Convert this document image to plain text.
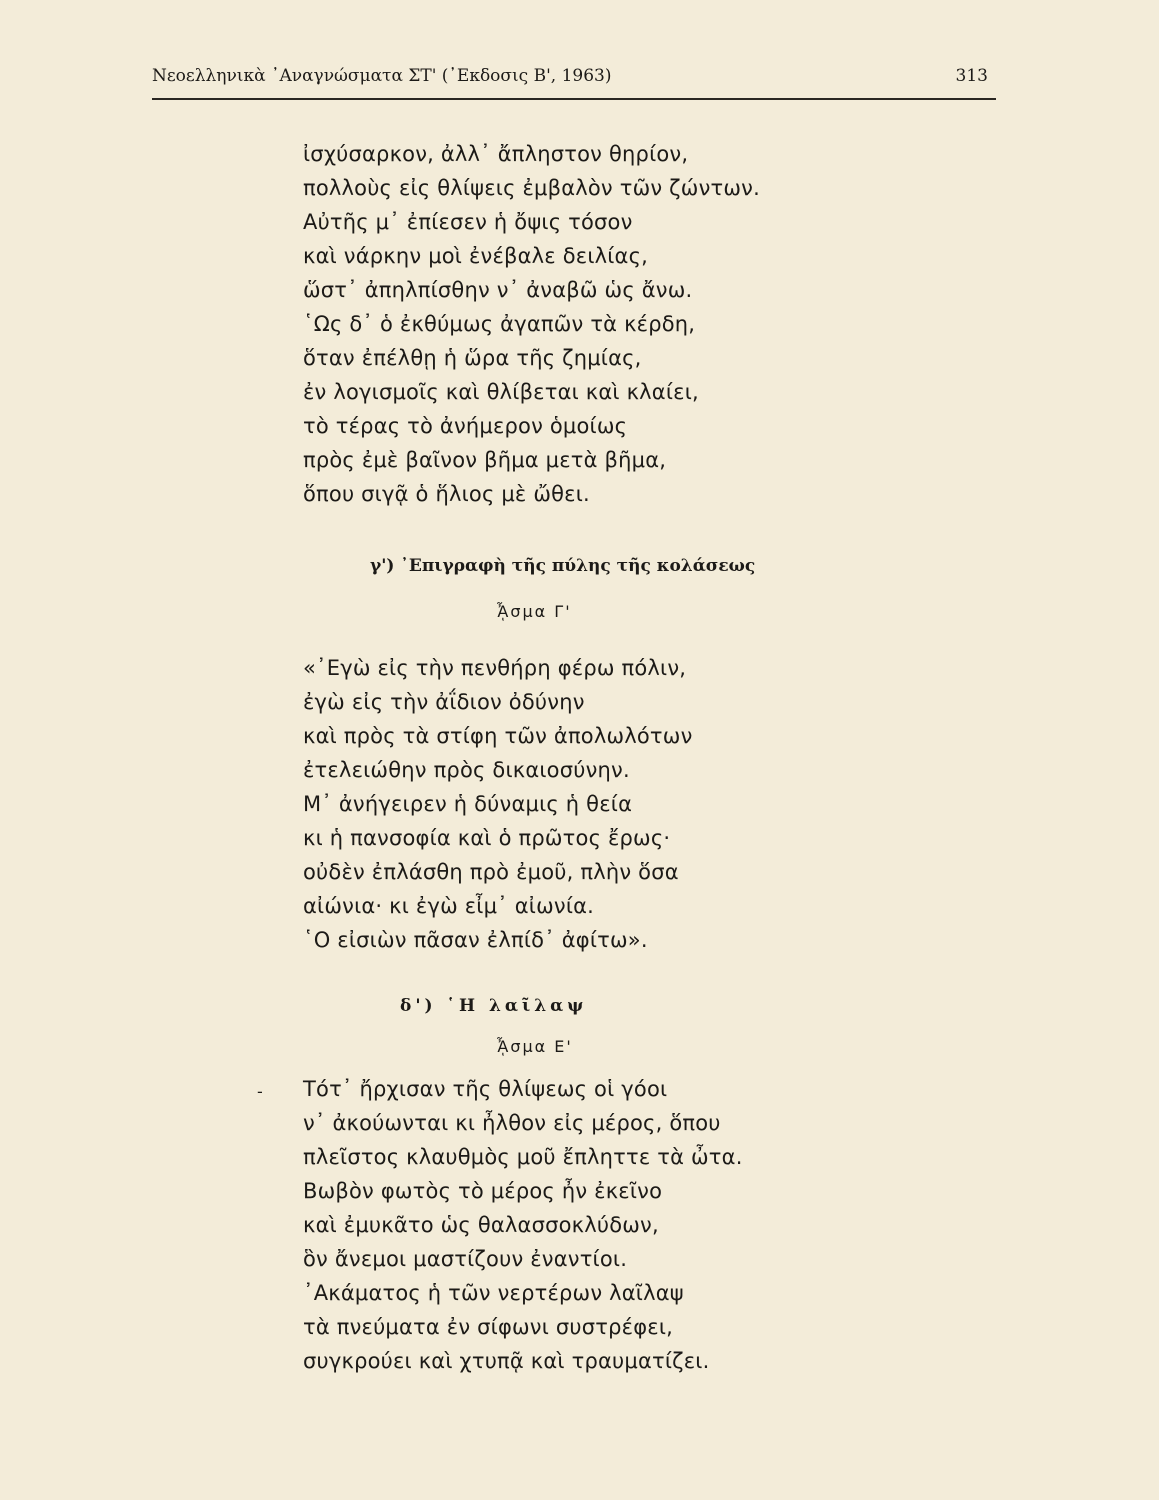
Νεοελληνικὰ ᾿Αναγνώσματα ΣΤ' (᾿Εκδοσις Β', 1963)	313
ἰσχύσαρκον, ἀλλ᾿ ἄπληστον θηρίον,
πολλοὺς εἰς θλίψεις ἐμβαλὸν τῶν ζώντων.
Αὐτῆς μ᾿ ἐπίεσεν ἡ ὄψις τόσον
καὶ νάρκην μοὶ ἐνέβαλε δειλίας,
ὥστ᾿ ἀπηλπίσθην ν᾿ ἀναβῶ ὡς ἄνω.
῾Ως δ᾿ ὁ ἐκθύμως ἀγαπῶν τὰ κέρδη,
ὅταν ἐπέλθῃ ἡ ὥρα τῆς ζημίας,
ἐν λογισμοῖς καὶ θλίβεται καὶ κλαίει,
τὸ τέρας τὸ ἀνήμερον ὁμοίως
πρὸς ἐμὲ βαῖνον βῆμα μετὰ βῆμα,
ὅπου σιγᾷ ὁ ἥλιος μὲ ὤθει.
γ') ᾿Επιγραφὴ τῆς πύλης τῆς κολάσεως
ᾎσμα Γ'
«᾿Εγὼ εἰς τὴν πενθήρη φέρω πόλιν,
ἐγὼ εἰς τὴν ἀΐδιον ὀδύνην
καὶ πρὸς τὰ στίφη τῶν ἀπολωλότων
ἐτελειώθην πρὸς δικαιοσύνην.
Μ᾿ ἀνήγειρεν ἡ δύναμις ἡ θεία
κι ἡ πανσοφία καὶ ὁ πρῶτος ἔρως·
οὐδὲν ἐπλάσθη πρὸ ἐμοῦ, πλὴν ὅσα
αἰώνια· κι ἐγὼ εἶμ᾿ αἰωνία.
῾Ο εἰσιὼν πᾶσαν ἐλπίδ᾿ ἀφίτω».
δ') ῾Η λαῖλαψ
ᾎσμα Ε'
- Τότ᾿ ἤρχισαν τῆς θλίψεως οἱ γόοι
ν᾿ ἀκούωνται κι ἦλθον εἰς μέρος, ὅπου
πλεῖστος κλαυθμὸς μοῦ ἔπληττε τὰ ὦτα.
Βωβὸν φωτὸς τὸ μέρος ἦν ἐκεῖνο
καὶ ἐμυκᾶτο ὡς θαλασσοκλύδων,
ὃν ἄνεμοι μαστίζουν ἐναντίοι.
᾿Ακάματος ἡ τῶν νερτέρων λαῖλαψ
τὰ πνεύματα ἐν σίφωνι συστρέφει,
συγκρούει καὶ χτυπᾷ καὶ τραυματίζει.
